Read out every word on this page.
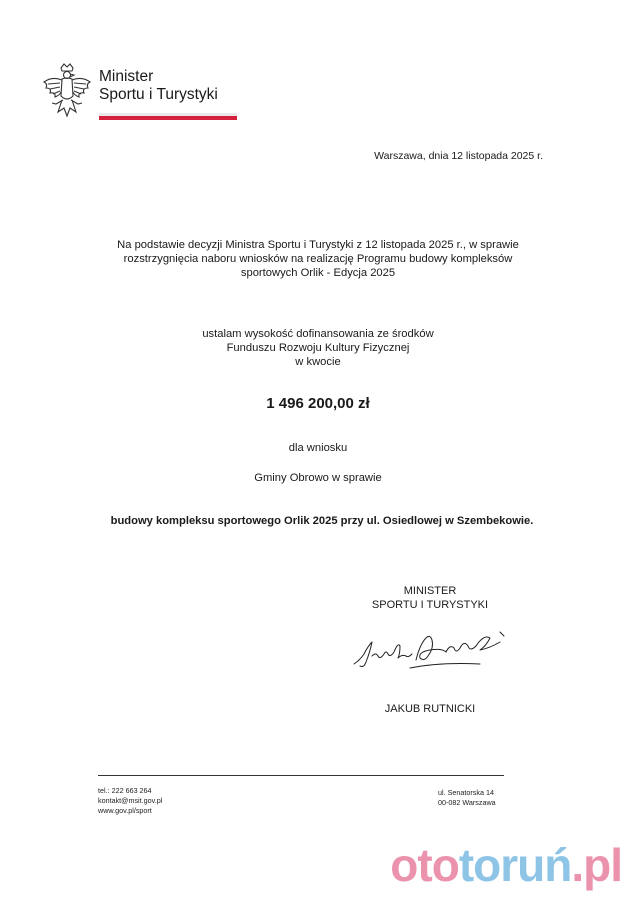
Minister
Sportu i Turystyki
Warszawa, dnia 12 listopada 2025 r.
Na podstawie decyzji Ministra Sportu i Turystyki z 12 listopada 2025 r., w sprawie
rozstrzygnięcia naboru wniosków na realizację Programu budowy kompleksów
sportowych Orlik - Edycja 2025
ustalam wysokość dofinansowania ze środków
Funduszu Rozwoju Kultury Fizycznej
w kwocie
1 496 200,00 zł
dla wniosku
Gminy Obrowo w sprawie
budowy kompleksu sportowego Orlik 2025 przy ul. Osiedlowej w Szembekowie.
MINISTER
SPORTU I TURYSTYKI
JAKUB RUTNICKI
tel.: 222 663 264
kontakt@msit.gov.pl
www.gov.pl/sport
ul. Senatorska 14
00-082 Warszawa
ototoruń.pl
